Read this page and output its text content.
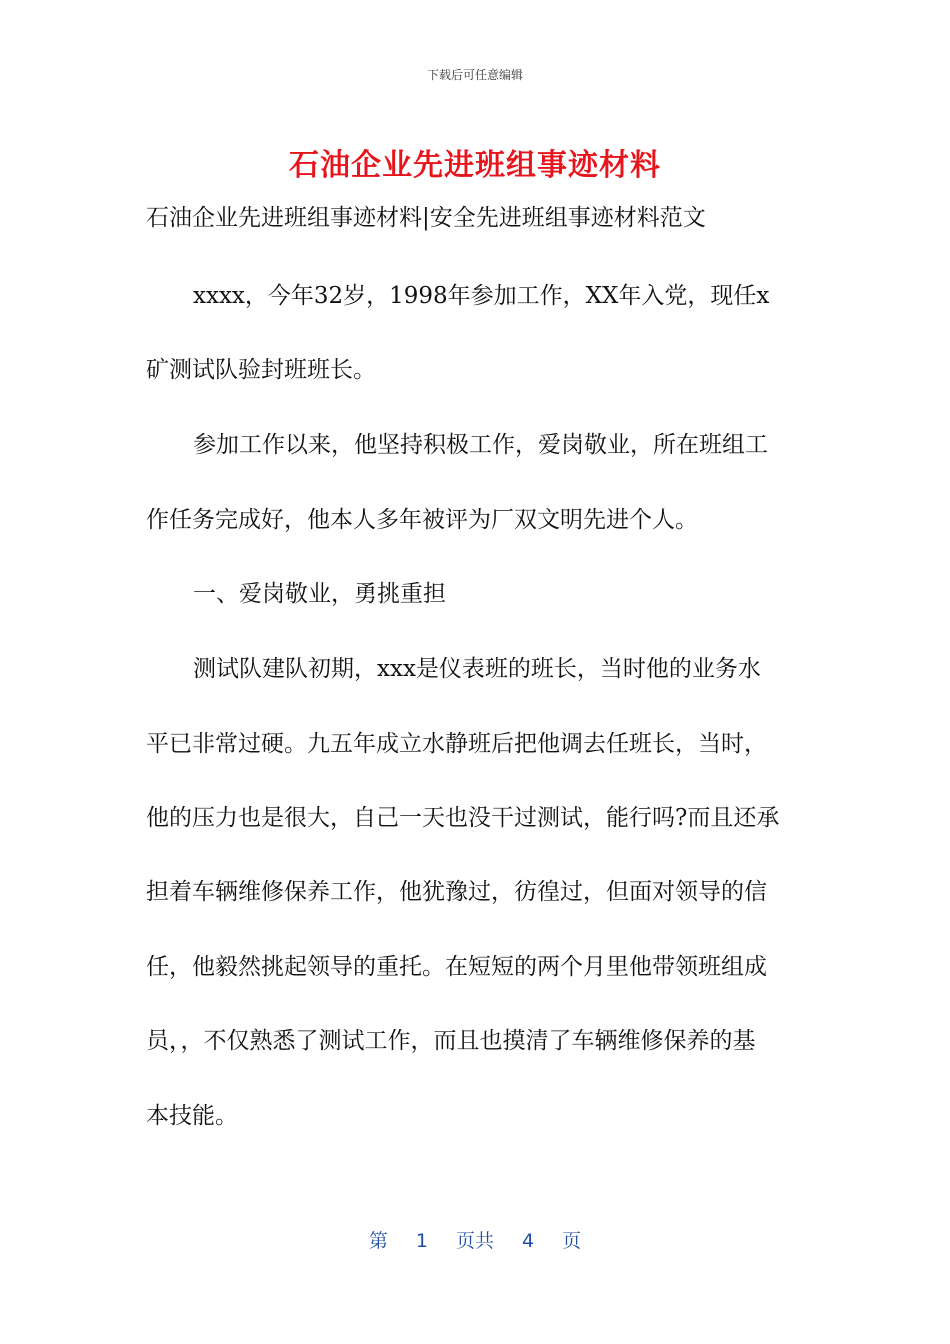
下载后可任意编辑
石油企业先进班组事迹材料
石油企业先进班组事迹材料|安全先进班组事迹材料范文
xxxx，今年32岁，1998年参加工作，XX年入党，现任x
矿测试队验封班班长。
参加工作以来，他坚持积极工作，爱岗敬业，所在班组工
作任务完成好，他本人多年被评为厂双文明先进个人。
一、爱岗敬业，勇挑重担
测试队建队初期，xxx是仪表班的班长，当时他的业务水
平已非常过硬。九五年成立水静班后把他调去任班长，当时，
他的压力也是很大，自己一天也没干过测试，能行吗?而且还承
担着车辆维修保养工作，他犹豫过，彷徨过，但面对领导的信
任，他毅然挑起领导的重托。在短短的两个月里他带领班组成
员，，不仅熟悉了测试工作，而且也摸清了车辆维修保养的基
本技能。
第 1 页共 4 页
